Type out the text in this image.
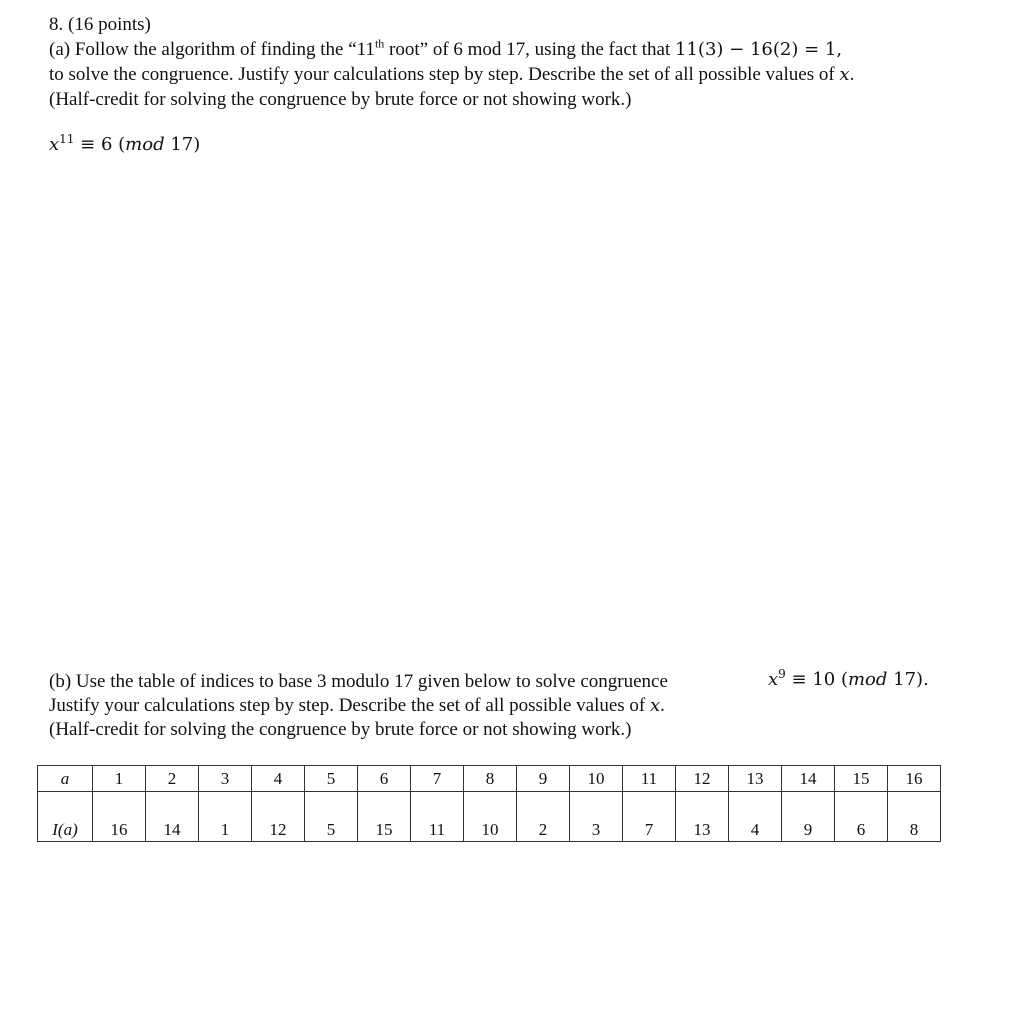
8. (16 points)
(a) Follow the algorithm of finding the “11th root” of 6 mod 17, using the fact that 11(3) − 16(2) = 1,
to solve the congruence. Justify your calculations step by step. Describe the set of all possible values of x.
(Half-credit for solving the congruence by brute force or not showing work.)
$x^{11} \equiv 6$ (mod 17)
(b) Use the table of indices to base 3 modulo 17 given below to solve congruence	$x^9 \equiv 10$ (mod 17).
Justify your calculations step by step. Describe the set of all possible values of x.
(Half-credit for solving the congruence by brute force or not showing work.)
a	1	2	3	4	5	6	7	8	9	10	11	12	13	14	15	16
I(a)	16	14	1	12	5	15	11	10	2	3	7	13	4	9	6	8
